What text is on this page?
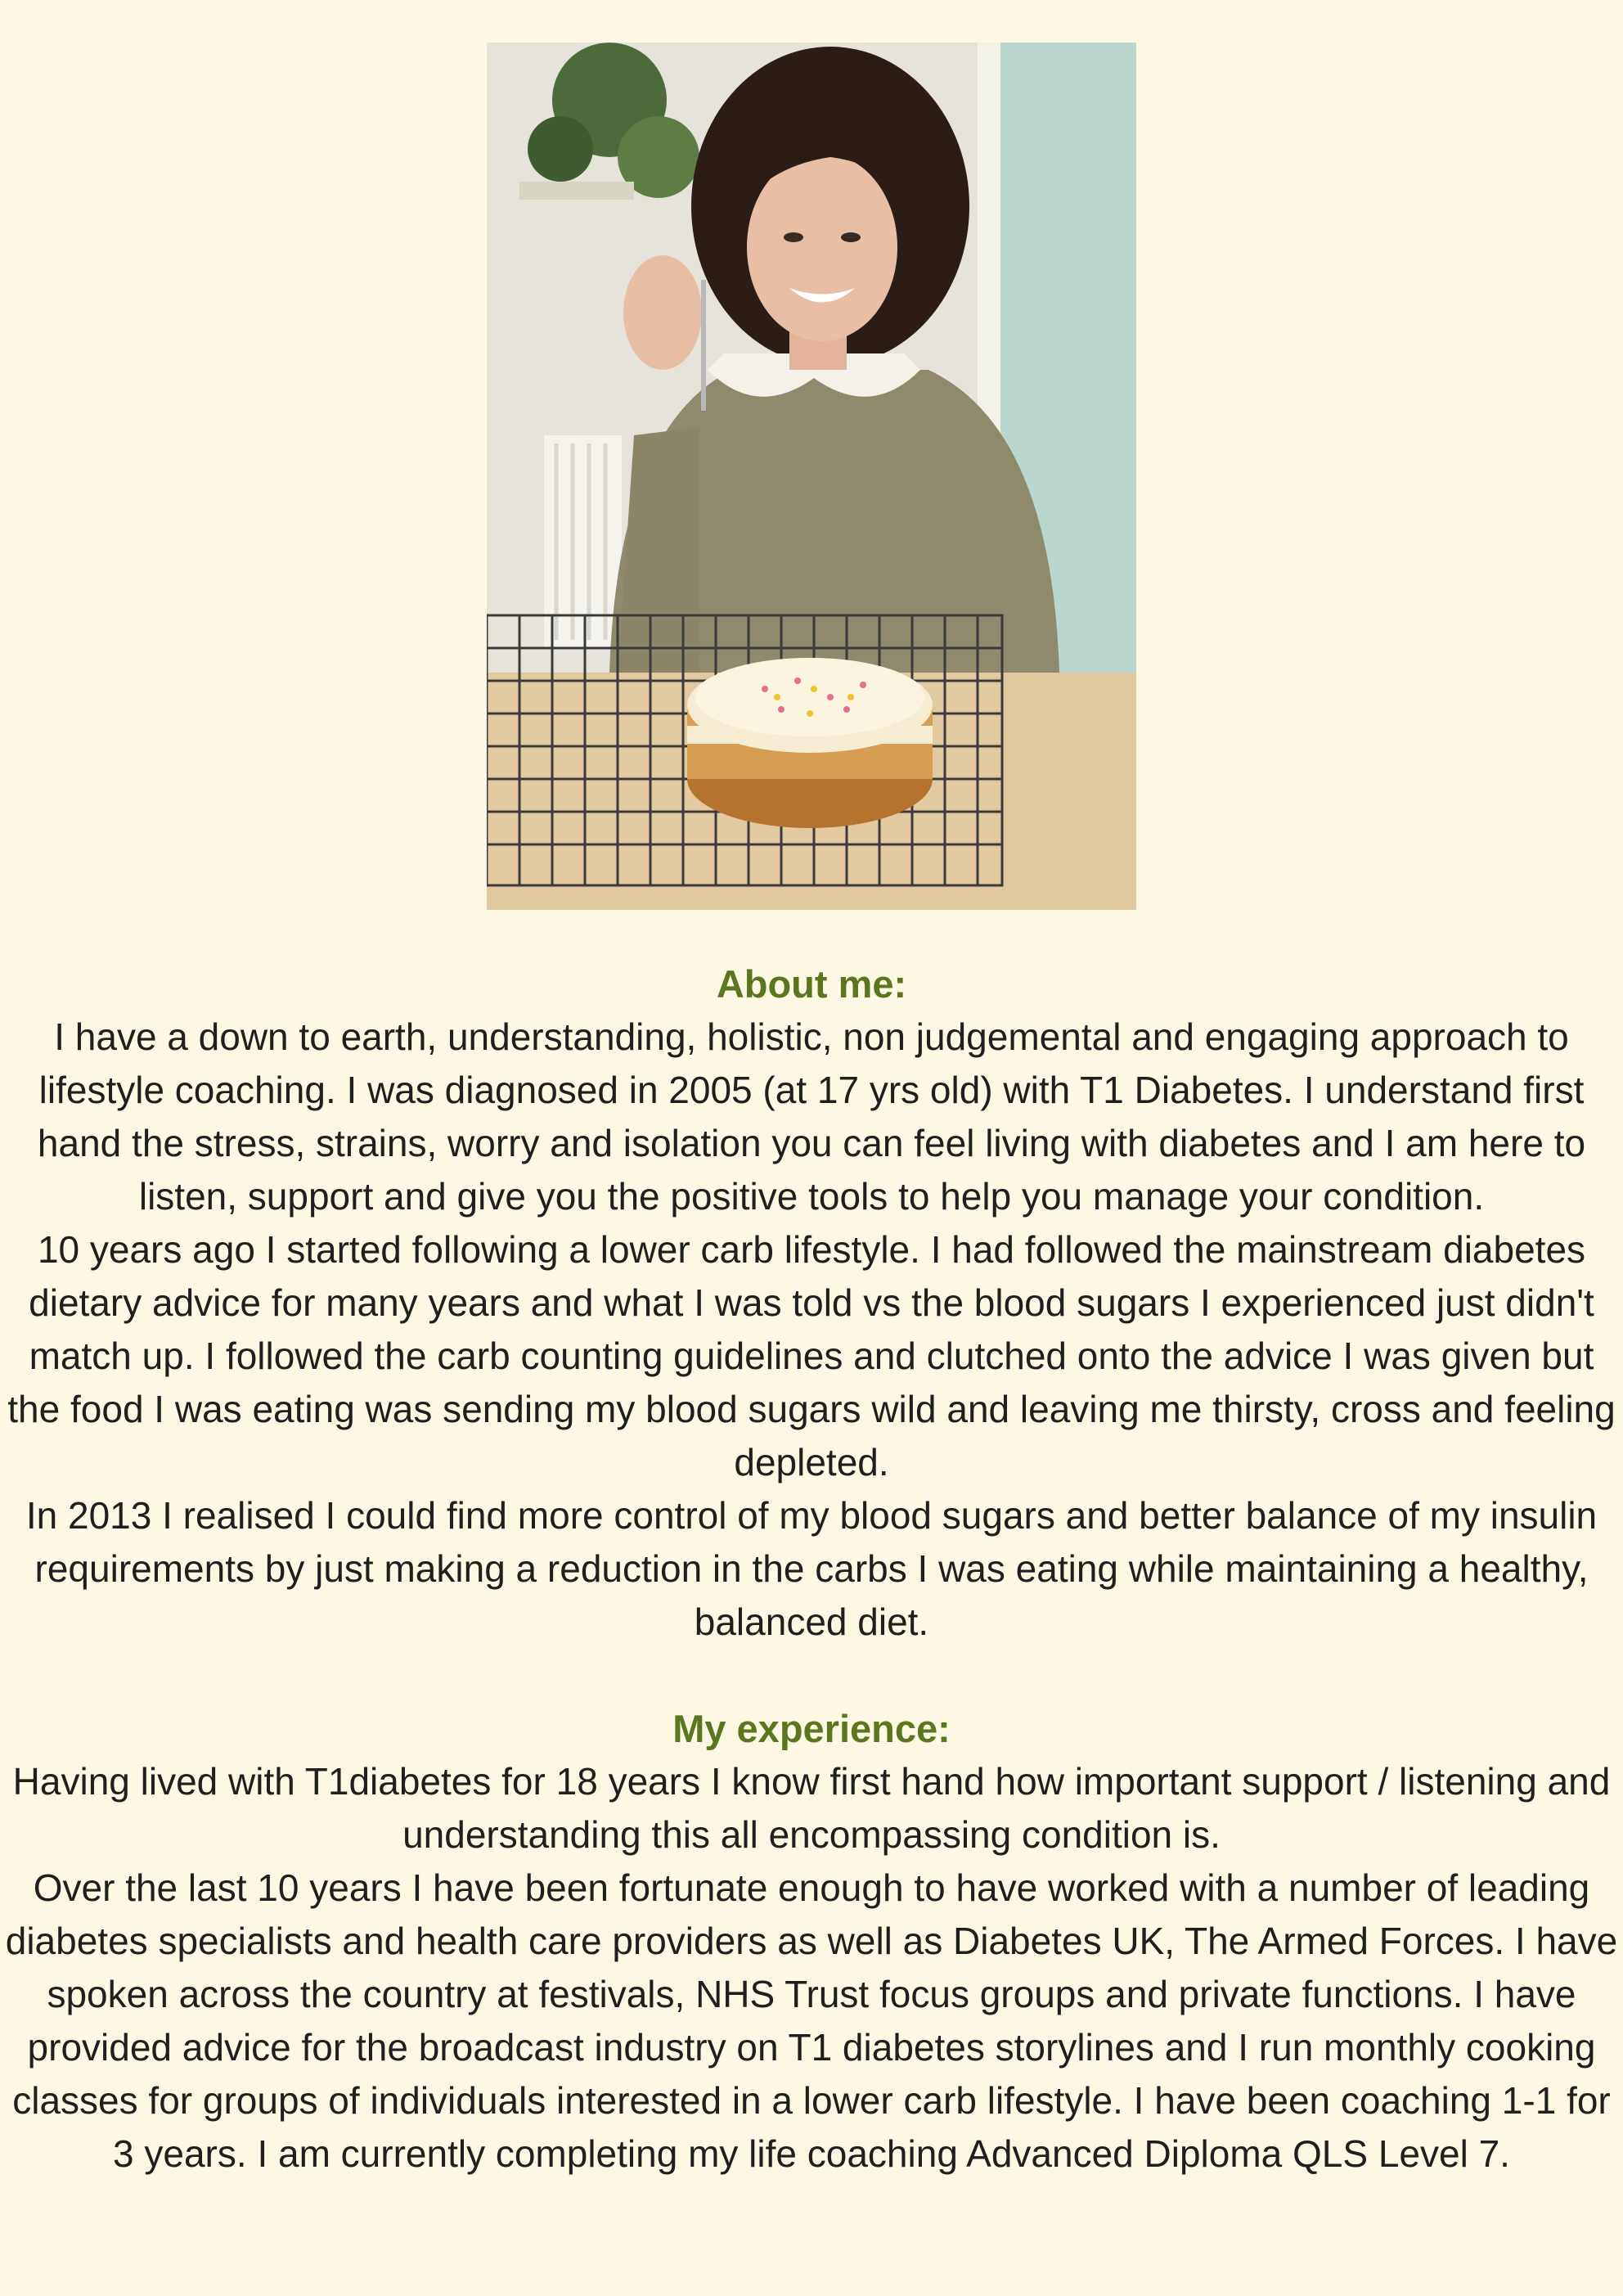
About me:

I have a down to earth, understanding, holistic, non judgemental and engaging approach to lifestyle coaching. I was diagnosed in 2005 (at 17 yrs old) with T1 Diabetes. I understand first hand the stress, strains, worry and isolation you can feel living with diabetes and I am here to listen, support and give you the positive tools to help you manage your condition.

10 years ago I started following a lower carb lifestyle. I had followed the mainstream diabetes dietary advice for many years and what I was told vs the blood sugars I experienced just didn't match up. I followed the carb counting guidelines and clutched onto the advice I was given but the food I was eating was sending my blood sugars wild and leaving me thirsty, cross and feeling depleted.

In 2013 I realised I could find more control of my blood sugars and better balance of my insulin requirements by just making a reduction in the carbs I was eating while maintaining a healthy, balanced diet.

My experience:

Having lived with T1diabetes for 18 years I know first hand how important support / listening and understanding this all encompassing condition is.

Over the last 10 years I have been fortunate enough to have worked with a number of leading diabetes specialists and health care providers as well as Diabetes UK, The Armed Forces. I have spoken across the country at festivals, NHS Trust focus groups and private functions. I have provided advice for the broadcast industry on T1 diabetes storylines and I run monthly cooking classes for groups of individuals interested in a lower carb lifestyle. I have been coaching 1-1 for 3 years. I am currently completing my life coaching Advanced Diploma QLS Level 7.
